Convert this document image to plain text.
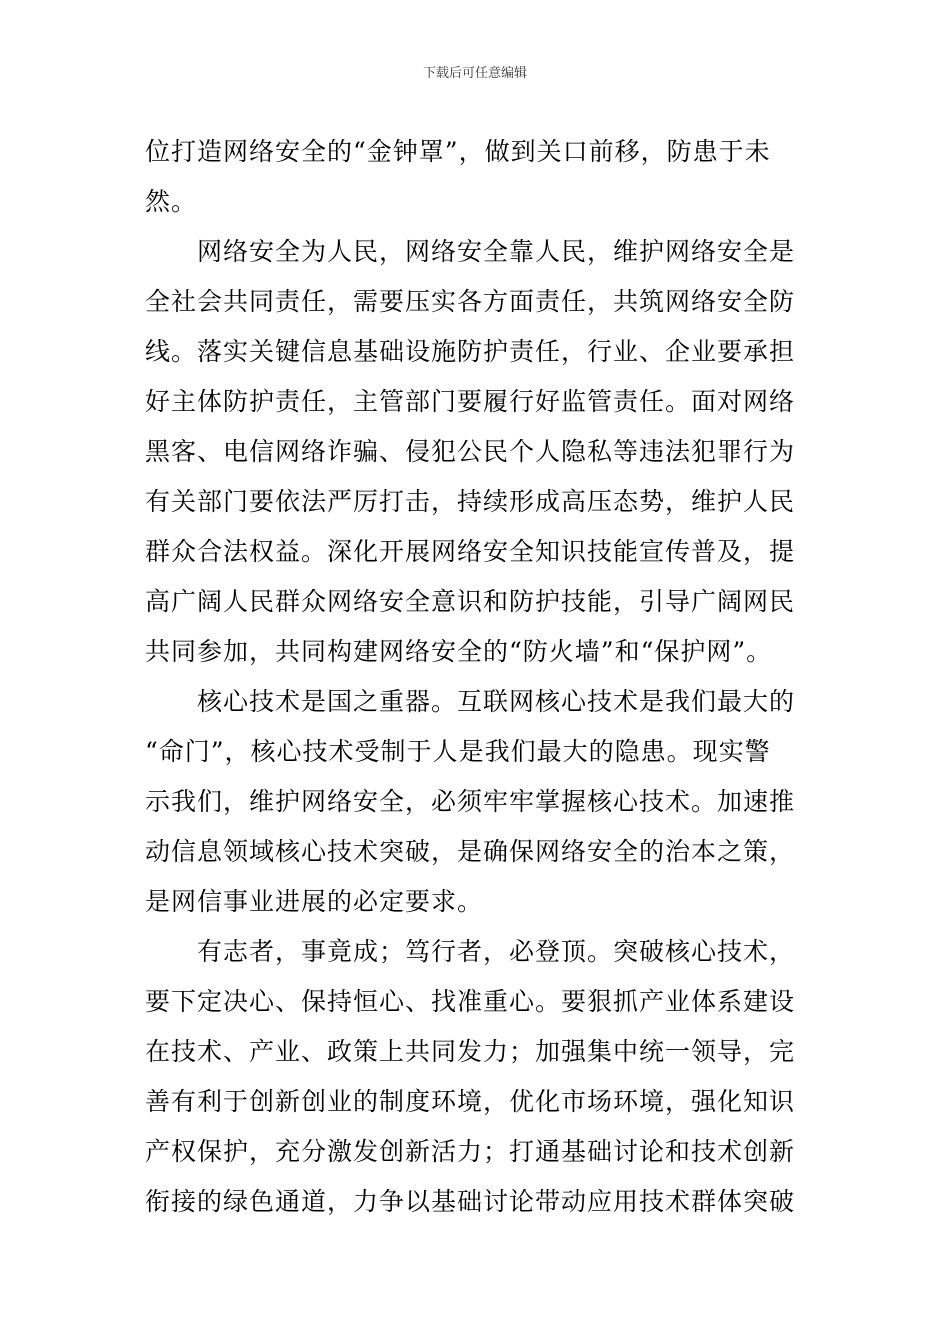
下载后可任意编辑
位打造网络安全的“金钟罩”，做到关口前移，防患于未
然。
　　网络安全为人民，网络安全靠人民，维护网络安全是
全社会共同责任，需要压实各方面责任，共筑网络安全防
线。落实关键信息基础设施防护责任，行业、企业要承担
好主体防护责任，主管部门要履行好监管责任。面对网络
黑客、电信网络诈骗、侵犯公民个人隐私等违法犯罪行为
有关部门要依法严厉打击，持续形成高压态势，维护人民
群众合法权益。深化开展网络安全知识技能宣传普及，提
高广阔人民群众网络安全意识和防护技能，引导广阔网民
共同参加，共同构建网络安全的“防火墙”和“保护网”。
　　核心技术是国之重器。互联网核心技术是我们最大的
“命门”，核心技术受制于人是我们最大的隐患。现实警
示我们，维护网络安全，必须牢牢掌握核心技术。加速推
动信息领域核心技术突破，是确保网络安全的治本之策，
是网信事业进展的必定要求。
　　有志者，事竟成；笃行者，必登顶。突破核心技术，
要下定决心、保持恒心、找准重心。要狠抓产业体系建设
在技术、产业、政策上共同发力；加强集中统一领导，完
善有利于创新创业的制度环境，优化市场环境，强化知识
产权保护，充分激发创新活力；打通基础讨论和技术创新
衔接的绿色通道，力争以基础讨论带动应用技术群体突破
